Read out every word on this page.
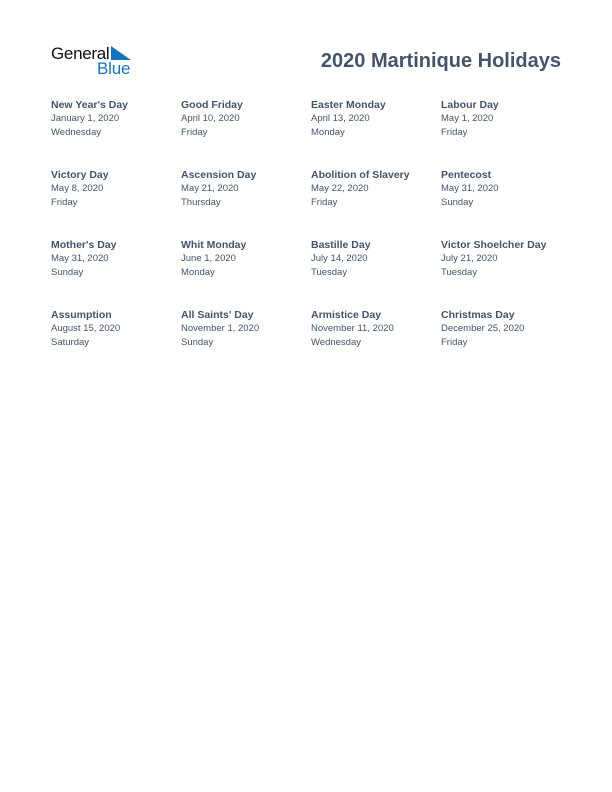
General
Blue	2020 Martinique Holidays
New Year's Day
January 1, 2020
Wednesday
Good Friday
April 10, 2020
Friday
Easter Monday
April 13, 2020
Monday
Labour Day
May 1, 2020
Friday
Victory Day
May 8, 2020
Friday
Ascension Day
May 21, 2020
Thursday
Abolition of Slavery
May 22, 2020
Friday
Pentecost
May 31, 2020
Sunday
Mother's Day
May 31, 2020
Sunday
Whit Monday
June 1, 2020
Monday
Bastille Day
July 14, 2020
Tuesday
Victor Shoelcher Day
July 21, 2020
Tuesday
Assumption
August 15, 2020
Saturday
All Saints' Day
November 1, 2020
Sunday
Armistice Day
November 11, 2020
Wednesday
Christmas Day
December 25, 2020
Friday
